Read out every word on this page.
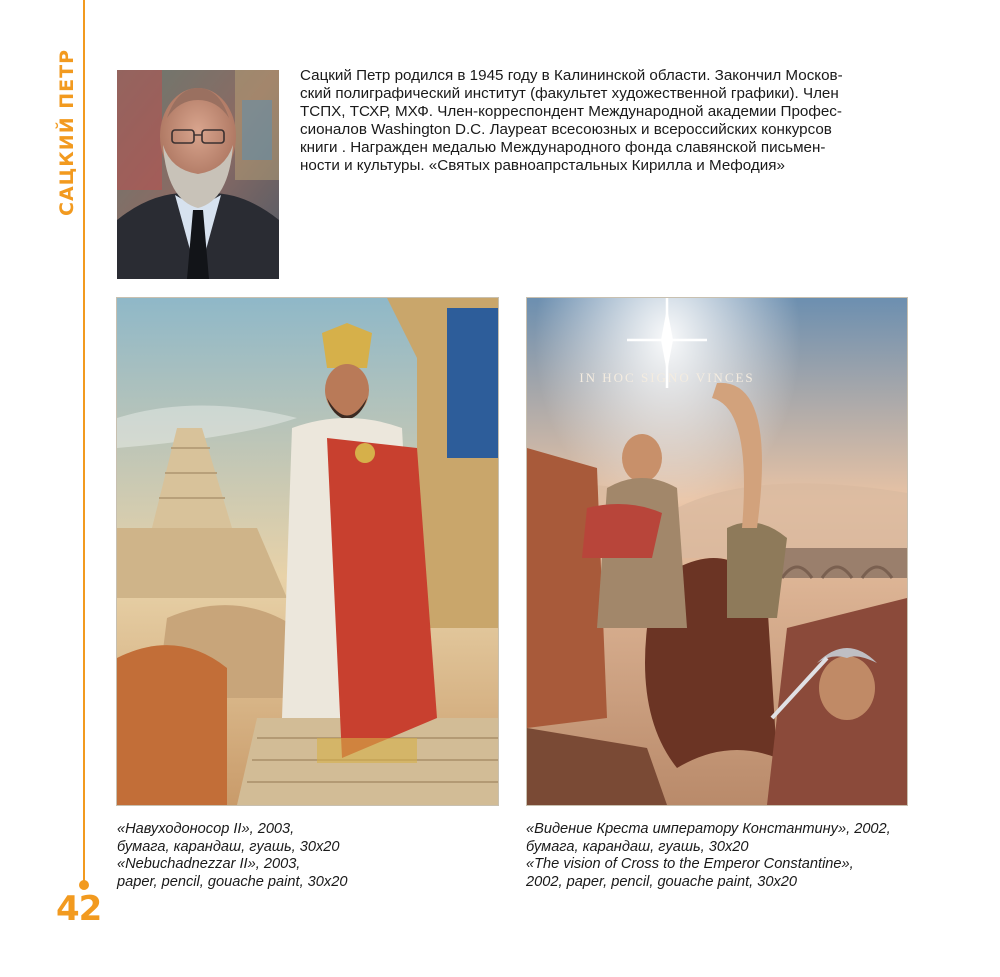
САЦКИЙ ПЕТР
42
Сацкий Петр родился в 1945 году в Калининской области. Закончил Москов-
ский полиграфический институт (факультет художественной графики). Член
ТСПХ, ТСХР, МХФ. Член-корреспондент Международной академии Профес-
сионалов Washington D.C. Лауреат всесоюзных и всероссийских конкурсов
книги . Награжден медалью Международного фонда славянской письмен-
ности и культуры. «Святых равноапрстальных Кирилла и Мефодия»
IN HOC SIGNO VINCES
«Навуходоносор II», 2003,
бумага, карандаш, гуашь, 30х20
«Nebuchadnezzar II», 2003,
paper, pencil, gouache paint, 30x20
«Видение Креста императору Константину», 2002,
бумага, карандаш, гуашь, 30х20
«The vision of Cross to the Emperor Constantine»,
2002, paper, pencil, gouache paint, 30x20
